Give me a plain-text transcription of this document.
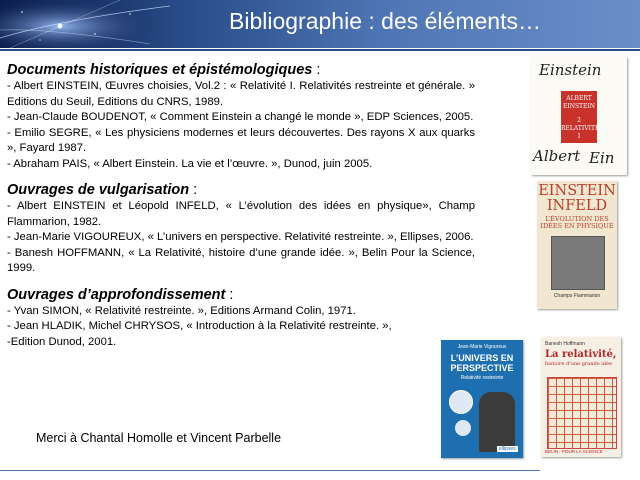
Bibliographie : des éléments…

Documents historiques et épistémologiques :

- Albert EINSTEIN, Œuvres choisies, Vol.2 : « Relativité I. Relativités restreinte et générale. » Editions du Seuil, Editions du CNRS, 1989.

- Jean-Claude BOUDENOT, « Comment Einstein a changé le monde », EDP Sciences, 2005.

- Emilio SEGRE, « Les physiciens modernes et leurs découvertes. Des rayons X aux quarks », Fayard 1987.

- Abraham PAIS, « Albert Einstein. La vie et l’œuvre. », Dunod, juin 2005.

Ouvrages de vulgarisation :

- Albert EINSTEIN et Léopold INFELD, « L’évolution des idées en physique», Champ Flammarion, 1982.

- Jean-Marie VIGOUREUX, « L’univers en perspective. Relativité restreinte. », Ellipses, 2006.

- Banesh HOFFMANN, « La Relativité, histoire d’une grande idée. », Belin Pour la Science, 1999.

Ouvrages d’approfondissement :

- Yvan SIMON, « Relativité restreinte. », Editions Armand Colin, 1971.

- Jean HLADIK, Michel CHRYSOS, « Introduction à la Relativité restreinte. »,

-Edition Dunod, 2001.

Merci à Chantal Homolle et Vincent Parbelle
Einstein
ALBERT EINSTEIN
2 RELATIVITÉS I
Albert Ein
EINSTEIN
INFELD
L’ÉVOLUTION DES IDÉES EN PHYSIQUE
Champs Flammarion
Jean-Marie Vigoureux
L’UNIVERS EN PERSPECTIVE
Relativité restreinte
ellipses
Banesh Hoffmann
La relativité,
histoire d’une grande idée
BELIN · POUR LA SCIENCE
